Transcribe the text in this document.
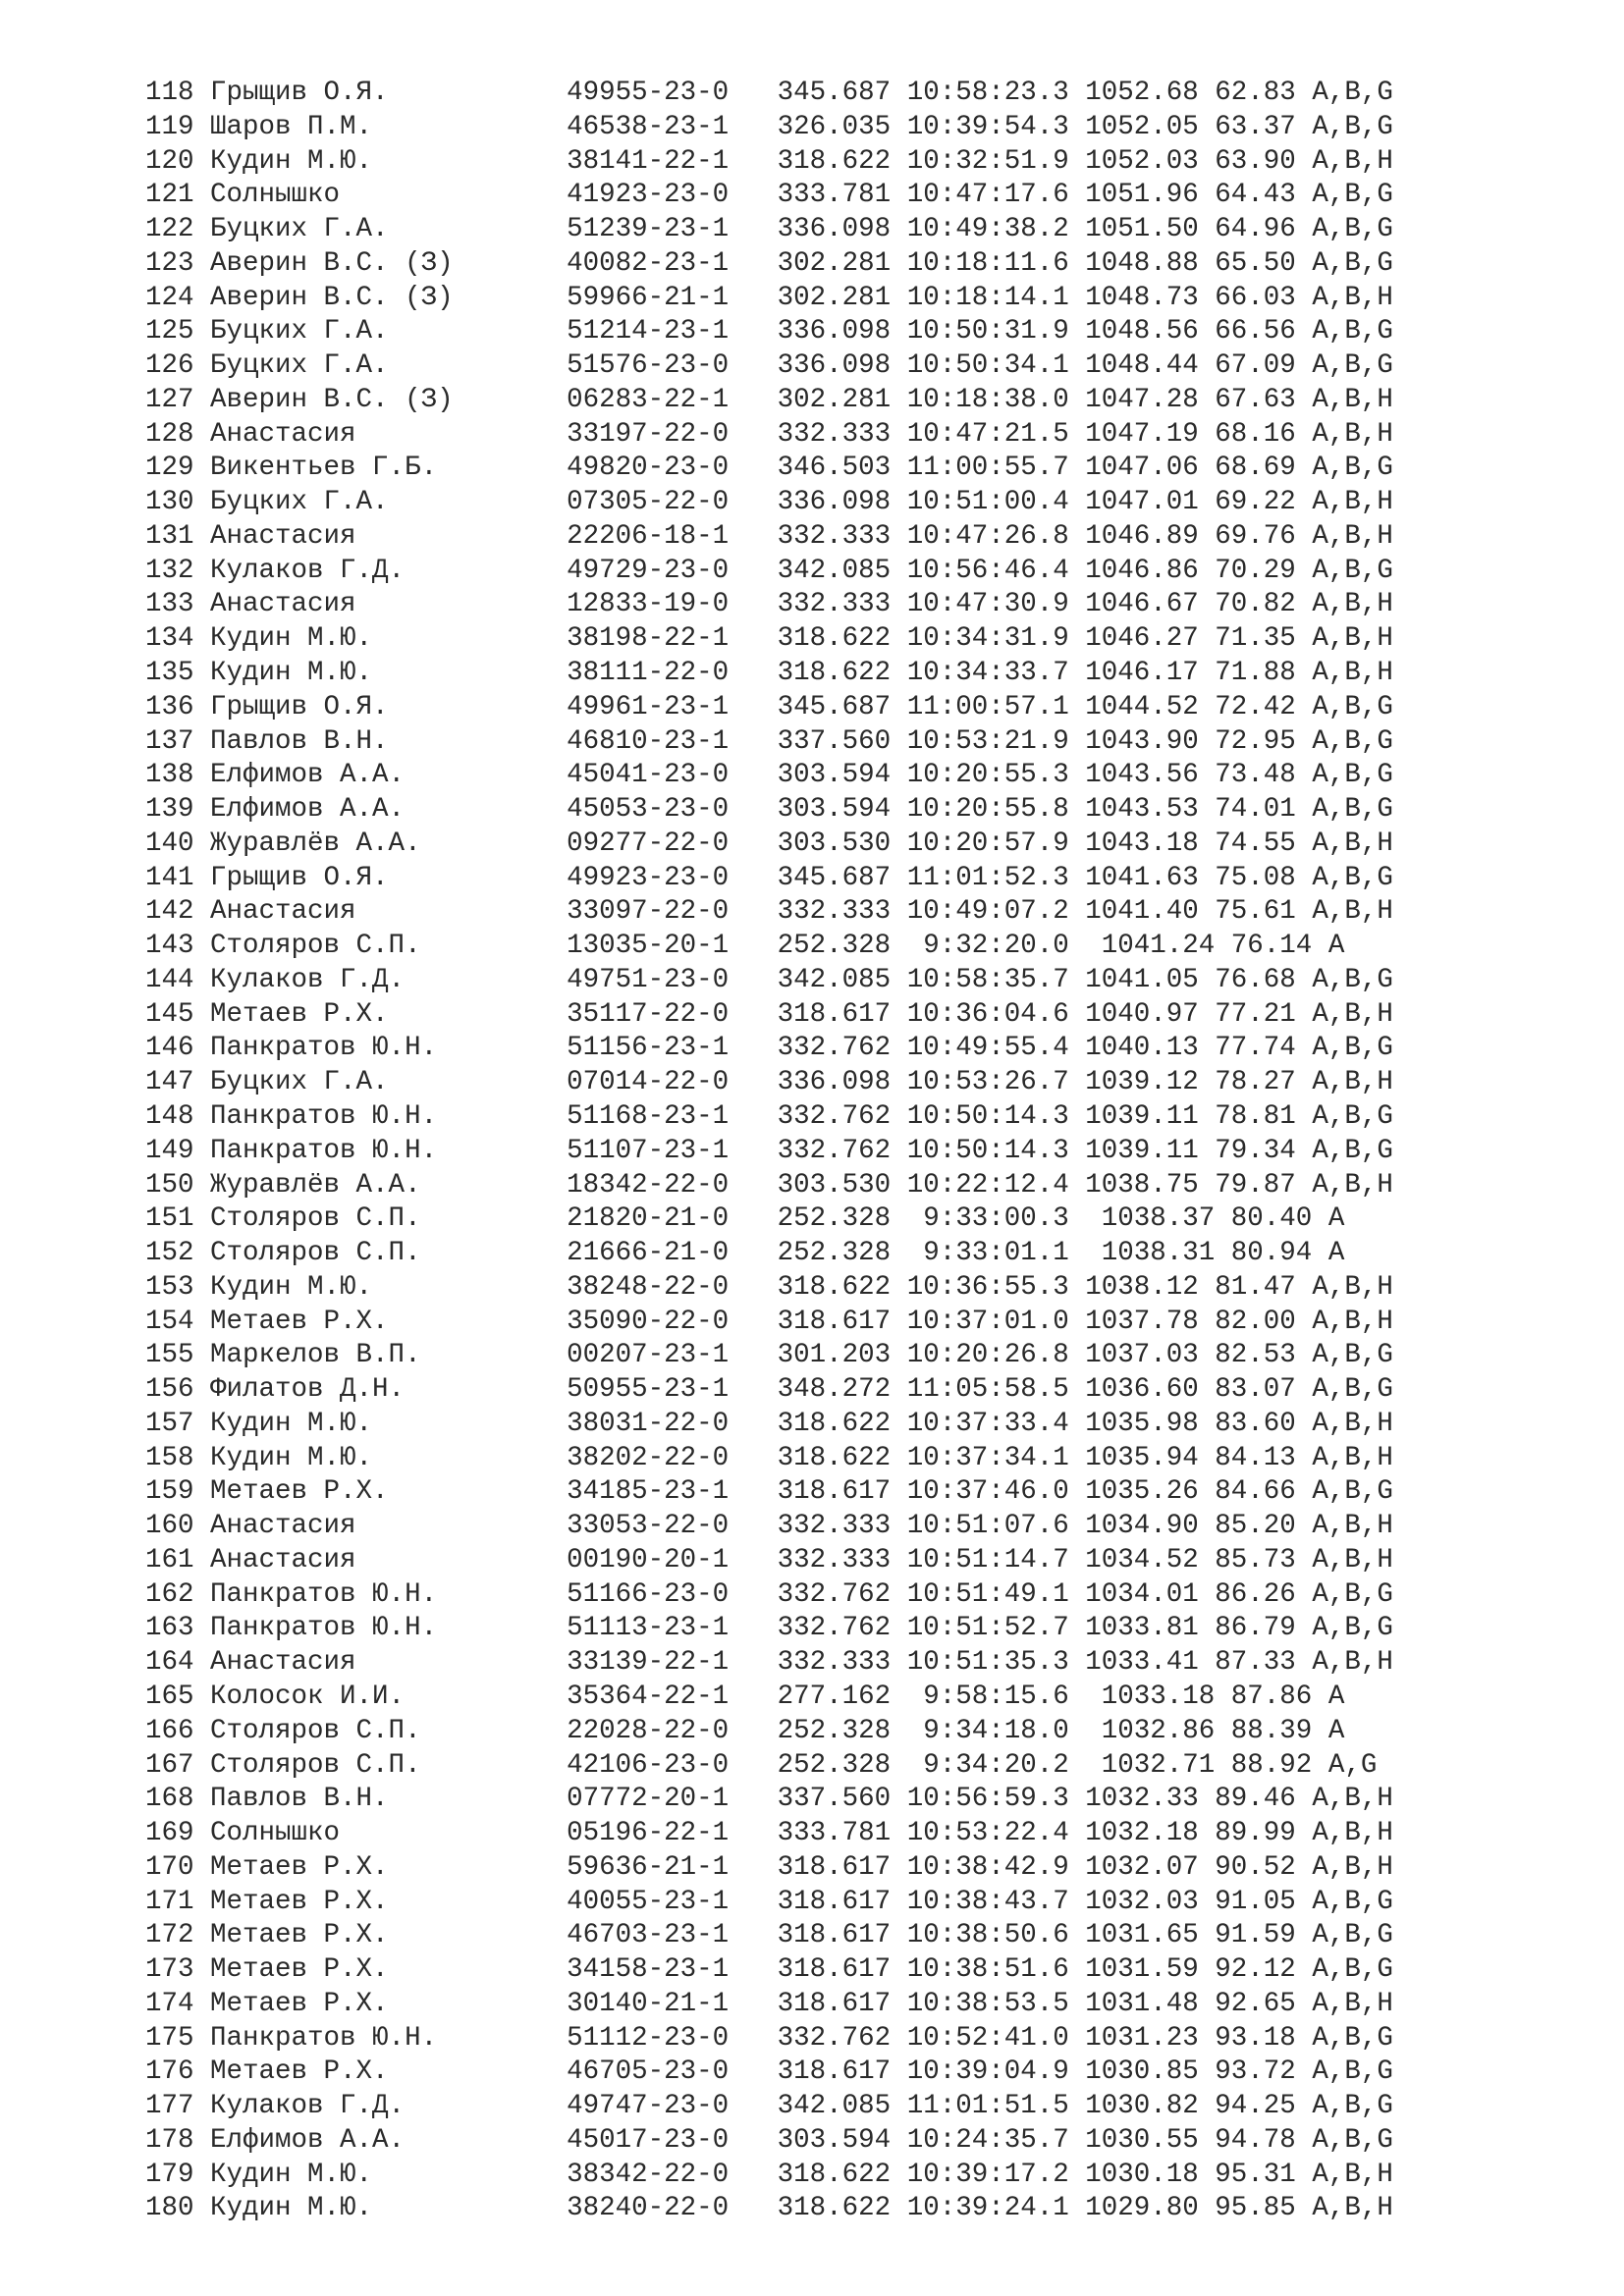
118 Грыщив О.Я.	49955-23-0 345.687 10:58:23.3 1052.68 62.83 A,B,G
119 Шаров П.М.	46538-23-1 326.035 10:39:54.3 1052.05 63.37 A,B,G
120 Кудин М.Ю.	38141-22-1 318.622 10:32:51.9 1052.03 63.90 A,B,H
121 Солнышко	41923-23-0 333.781 10:47:17.6 1051.96 64.43 A,B,G
122 Буцких Г.А.	51239-23-1 336.098 10:49:38.2 1051.50 64.96 A,B,G
123 Аверин В.С. (З)	40082-23-1 302.281 10:18:11.6 1048.88 65.50 A,B,G
124 Аверин В.С. (З)	59966-21-1 302.281 10:18:14.1 1048.73 66.03 A,B,H
125 Буцких Г.А.	51214-23-1 336.098 10:50:31.9 1048.56 66.56 A,B,G
126 Буцких Г.А.	51576-23-0 336.098 10:50:34.1 1048.44 67.09 A,B,G
127 Аверин В.С. (З)	06283-22-1 302.281 10:18:38.0 1047.28 67.63 A,B,H
128 Анастасия	33197-22-0 332.333 10:47:21.5 1047.19 68.16 A,B,H
129 Викентьев Г.Б.	49820-23-0 346.503 11:00:55.7 1047.06 68.69 A,B,G
130 Буцких Г.А.	07305-22-0 336.098 10:51:00.4 1047.01 69.22 A,B,H
131 Анастасия	22206-18-1 332.333 10:47:26.8 1046.89 69.76 A,B,H
132 Кулаков Г.Д.	49729-23-0 342.085 10:56:46.4 1046.86 70.29 A,B,G
133 Анастасия	12833-19-0 332.333 10:47:30.9 1046.67 70.82 A,B,H
134 Кудин М.Ю.	38198-22-1 318.622 10:34:31.9 1046.27 71.35 A,B,H
135 Кудин М.Ю.	38111-22-0 318.622 10:34:33.7 1046.17 71.88 A,B,H
136 Грыщив О.Я.	49961-23-1 345.687 11:00:57.1 1044.52 72.42 A,B,G
137 Павлов В.Н.	46810-23-1 337.560 10:53:21.9 1043.90 72.95 A,B,G
138 Елфимов А.А.	45041-23-0 303.594 10:20:55.3 1043.56 73.48 A,B,G
139 Елфимов А.А.	45053-23-0 303.594 10:20:55.8 1043.53 74.01 A,B,G
140 Журавлёв А.А.	09277-22-0 303.530 10:20:57.9 1043.18 74.55 A,B,H
141 Грыщив О.Я.	49923-23-0 345.687 11:01:52.3 1041.63 75.08 A,B,G
142 Анастасия	33097-22-0 332.333 10:49:07.2 1041.40 75.61 A,B,H
143 Столяров С.П.	13035-20-1 252.328 9:32:20.0 1041.24 76.14 A
144 Кулаков Г.Д.	49751-23-0 342.085 10:58:35.7 1041.05 76.68 A,B,G
145 Метаев Р.Х.	35117-22-0 318.617 10:36:04.6 1040.97 77.21 A,B,H
146 Панкратов Ю.Н.	51156-23-1 332.762 10:49:55.4 1040.13 77.74 A,B,G
147 Буцких Г.А.	07014-22-0 336.098 10:53:26.7 1039.12 78.27 A,B,H
148 Панкратов Ю.Н.	51168-23-1 332.762 10:50:14.3 1039.11 78.81 A,B,G
149 Панкратов Ю.Н.	51107-23-1 332.762 10:50:14.3 1039.11 79.34 A,B,G
150 Журавлёв А.А.	18342-22-0 303.530 10:22:12.4 1038.75 79.87 A,B,H
151 Столяров С.П.	21820-21-0 252.328 9:33:00.3 1038.37 80.40 A
152 Столяров С.П.	21666-21-0 252.328 9:33:01.1 1038.31 80.94 A
153 Кудин М.Ю.	38248-22-0 318.622 10:36:55.3 1038.12 81.47 A,B,H
154 Метаев Р.Х.	35090-22-0 318.617 10:37:01.0 1037.78 82.00 A,B,H
155 Маркелов В.П.	00207-23-1 301.203 10:20:26.8 1037.03 82.53 A,B,G
156 Филатов Д.Н.	50955-23-1 348.272 11:05:58.5 1036.60 83.07 A,B,G
157 Кудин М.Ю.	38031-22-0 318.622 10:37:33.4 1035.98 83.60 A,B,H
158 Кудин М.Ю.	38202-22-0 318.622 10:37:34.1 1035.94 84.13 A,B,H
159 Метаев Р.Х.	34185-23-1 318.617 10:37:46.0 1035.26 84.66 A,B,G
160 Анастасия	33053-22-0 332.333 10:51:07.6 1034.90 85.20 A,B,H
161 Анастасия	00190-20-1 332.333 10:51:14.7 1034.52 85.73 A,B,H
162 Панкратов Ю.Н.	51166-23-0 332.762 10:51:49.1 1034.01 86.26 A,B,G
163 Панкратов Ю.Н.	51113-23-1 332.762 10:51:52.7 1033.81 86.79 A,B,G
164 Анастасия	33139-22-1 332.333 10:51:35.3 1033.41 87.33 A,B,H
165 Колосок И.И.	35364-22-1 277.162 9:58:15.6 1033.18 87.86 A
166 Столяров С.П.	22028-22-0 252.328 9:34:18.0 1032.86 88.39 A
167 Столяров С.П.	42106-23-0 252.328 9:34:20.2 1032.71 88.92 A,G
168 Павлов В.Н.	07772-20-1 337.560 10:56:59.3 1032.33 89.46 A,B,H
169 Солнышко	05196-22-1 333.781 10:53:22.4 1032.18 89.99 A,B,H
170 Метаев Р.Х.	59636-21-1 318.617 10:38:42.9 1032.07 90.52 A,B,H
171 Метаев Р.Х.	40055-23-1 318.617 10:38:43.7 1032.03 91.05 A,B,G
172 Метаев Р.Х.	46703-23-1 318.617 10:38:50.6 1031.65 91.59 A,B,G
173 Метаев Р.Х.	34158-23-1 318.617 10:38:51.6 1031.59 92.12 A,B,G
174 Метаев Р.Х.	30140-21-1 318.617 10:38:53.5 1031.48 92.65 A,B,H
175 Панкратов Ю.Н.	51112-23-0 332.762 10:52:41.0 1031.23 93.18 A,B,G
176 Метаев Р.Х.	46705-23-0 318.617 10:39:04.9 1030.85 93.72 A,B,G
177 Кулаков Г.Д.	49747-23-0 342.085 11:01:51.5 1030.82 94.25 A,B,G
178 Елфимов А.А.	45017-23-0 303.594 10:24:35.7 1030.55 94.78 A,B,G
179 Кудин М.Ю.	38342-22-0 318.622 10:39:17.2 1030.18 95.31 A,B,H
180 Кудин М.Ю.	38240-22-0 318.622 10:39:24.1 1029.80 95.85 A,B,H
